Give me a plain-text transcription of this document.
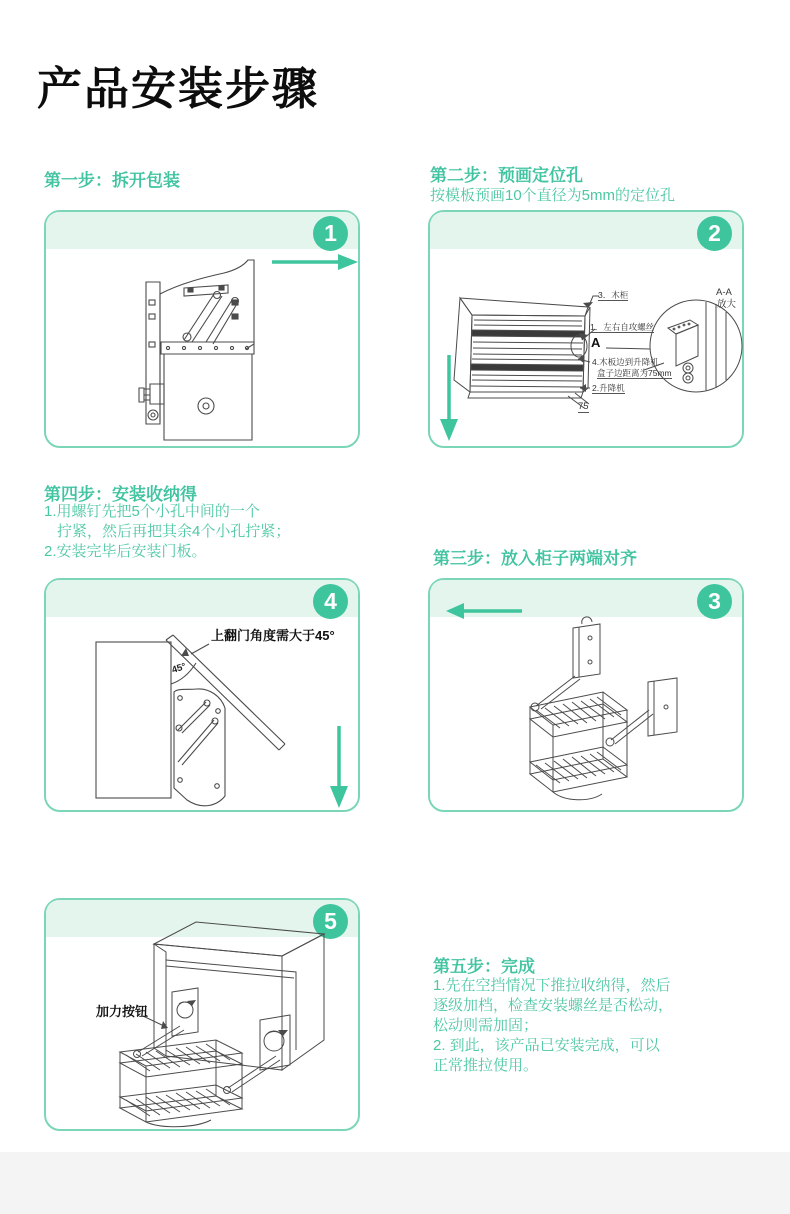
产品安装步骤
第一步：拆开包装
1
第二步：预画定位孔
按模板预画10个直径为5mm的定位孔
2
3．木柜
1．左右自攻螺丝
A
4.木板边到升降机
盒子边距离为75mm
2.升降机
75
A-A
放大
第四步：安装收纳得
1.用螺钉先把5个小孔中间的一个
拧紧，然后再把其余4个小孔拧紧；
2.安装完毕后安装门板。
4
上翻门角度需大于45°
45°
第三步：放入柜子两端对齐
3
5
加力按钮
第五步：完成
1.先在空挡情况下推拉收纳得，然后
逐级加档，检查安装螺丝是否松动，
松动则需加固；
2. 到此，该产品已安装完成，可以
正常推拉使用。
